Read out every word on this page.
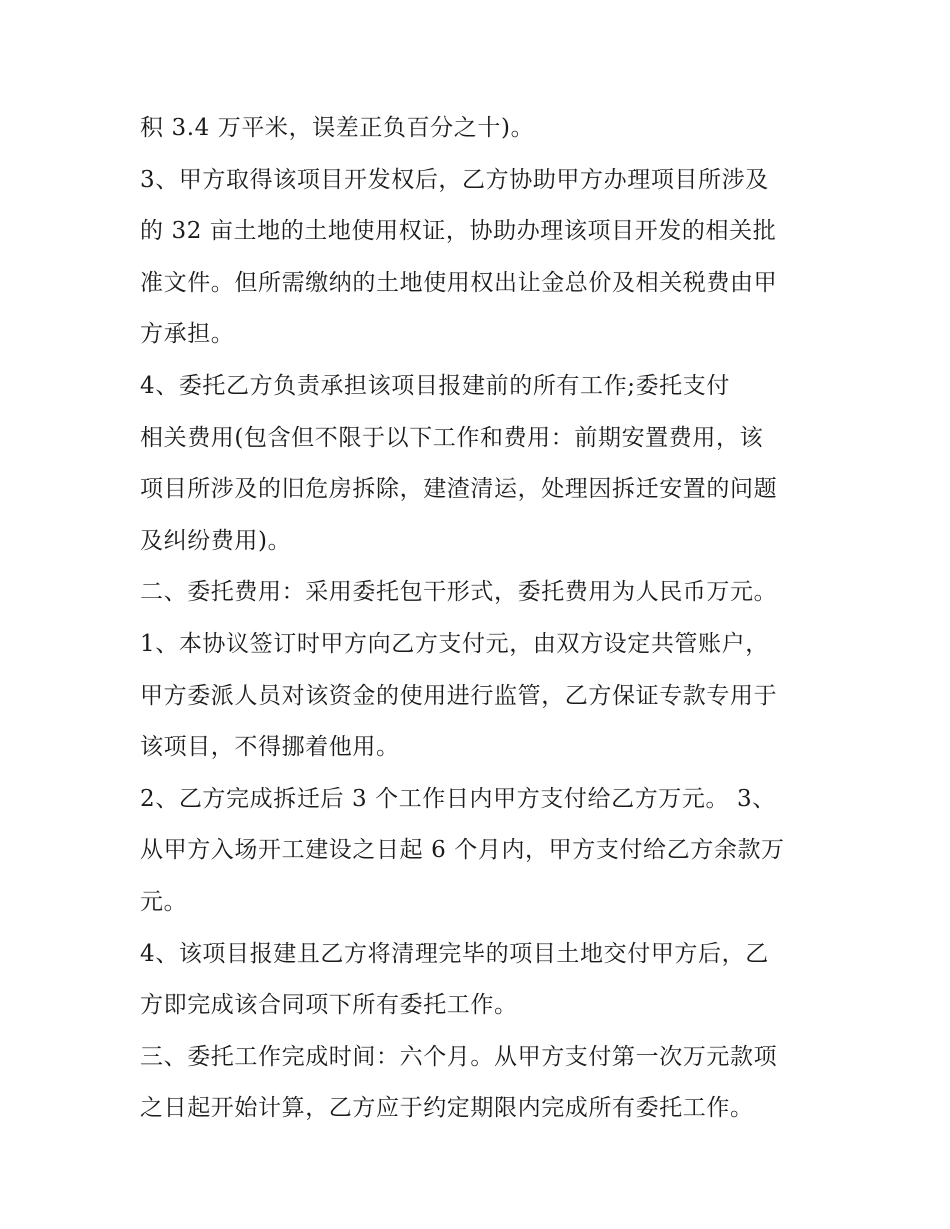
积 3.4 万平米，误差正负百分之十)。
3、甲方取得该项目开发权后，乙方协助甲方办理项目所涉及
的 32 亩土地的土地使用权证，协助办理该项目开发的相关批
准文件。但所需缴纳的土地使用权出让金总价及相关税费由甲
方承担。
4、委托乙方负责承担该项目报建前的所有工作;委托支付
相关费用(包含但不限于以下工作和费用：前期安置费用，该
项目所涉及的旧危房拆除，建渣清运，处理因拆迁安置的问题
及纠纷费用)。
二、委托费用：采用委托包干形式，委托费用为人民币万元。
1、本协议签订时甲方向乙方支付元，由双方设定共管账户，
甲方委派人员对该资金的使用进行监管，乙方保证专款专用于
该项目，不得挪着他用。
2、乙方完成拆迁后 3 个工作日内甲方支付给乙方万元。 3、
从甲方入场开工建设之日起 6 个月内，甲方支付给乙方余款万
元。
4、该项目报建且乙方将清理完毕的项目土地交付甲方后，乙
方即完成该合同项下所有委托工作。
三、委托工作完成时间：六个月。从甲方支付第一次万元款项
之日起开始计算，乙方应于约定期限内完成所有委托工作。
